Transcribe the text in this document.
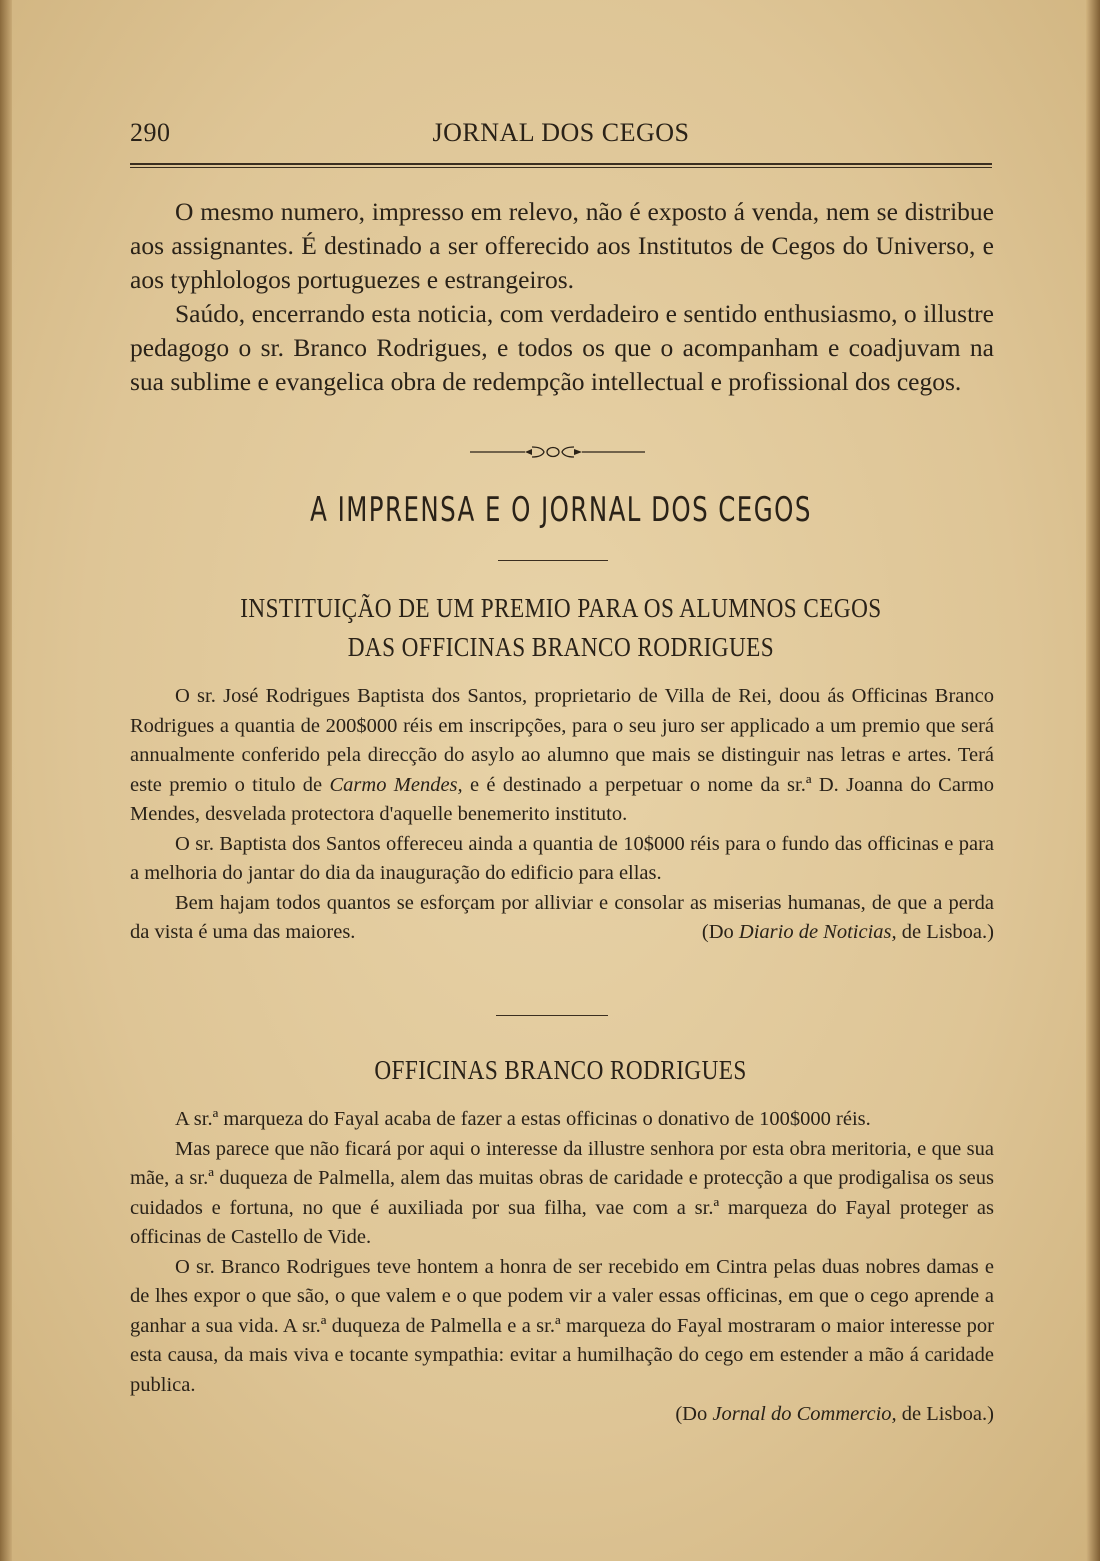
290	JORNAL DOS CEGOS

O mesmo numero, impresso em relevo, não é exposto á venda, nem se distribue aos assignantes. É destinado a ser offerecido aos Institutos de Cegos do Universo, e aos typhlologos portuguezes e estrangeiros.

Saúdo, encerrando esta noticia, com verdadeiro e sentido enthusiasmo, o illustre pedagogo o sr. Branco Rodrigues, e todos os que o acompanham e coadjuvam na sua sublime e evangelica obra de redempção intellectual e profissional dos cegos.

A IMPRENSA E O JORNAL DOS CEGOS
INSTITUIÇÃO DE UM PREMIO PARA OS ALUMNOS CEGOS
DAS OFFICINAS BRANCO RODRIGUES

O sr. José Rodrigues Baptista dos Santos, proprietario de Villa de Rei, doou ás Officinas Branco Rodrigues a quantia de 200$000 réis em inscripções, para o seu juro ser applicado a um premio que será annualmente conferido pela direcção do asylo ao alumno que mais se distinguir nas letras e artes. Terá este premio o titulo de Carmo Mendes, e é destinado a perpetuar o nome da sr.ª D. Joanna do Carmo Mendes, desvelada protectora d'aquelle benemerito instituto.

O sr. Baptista dos Santos offereceu ainda a quantia de 10$000 réis para o fundo das officinas e para a melhoria do jantar do dia da inauguração do edificio para ellas.

Bem hajam todos quantos se esforçam por alliviar e consolar as miserias humanas, de que a perda da vista é uma das maiores.	(Do Diario de Noticias, de Lisboa.)

OFFICINAS BRANCO RODRIGUES

A sr.ª marqueza do Fayal acaba de fazer a estas officinas o donativo de 100$000 réis.

Mas parece que não ficará por aqui o interesse da illustre senhora por esta obra meritoria, e que sua mãe, a sr.ª duqueza de Palmella, alem das muitas obras de caridade e protecção a que prodigalisa os seus cuidados e fortuna, no que é auxiliada por sua filha, vae com a sr.ª marqueza do Fayal proteger as officinas de Castello de Vide.

O sr. Branco Rodrigues teve hontem a honra de ser recebido em Cintra pelas duas nobres damas e de lhes expor o que são, o que valem e o que podem vir a valer essas officinas, em que o cego aprende a ganhar a sua vida. A sr.ª duqueza de Palmella e a sr.ª marqueza do Fayal mostraram o maior interesse por esta causa, da mais viva e tocante sympathia: evitar a humilhação do cego em estender a mão á caridade publica.

(Do Jornal do Commercio, de Lisboa.)
